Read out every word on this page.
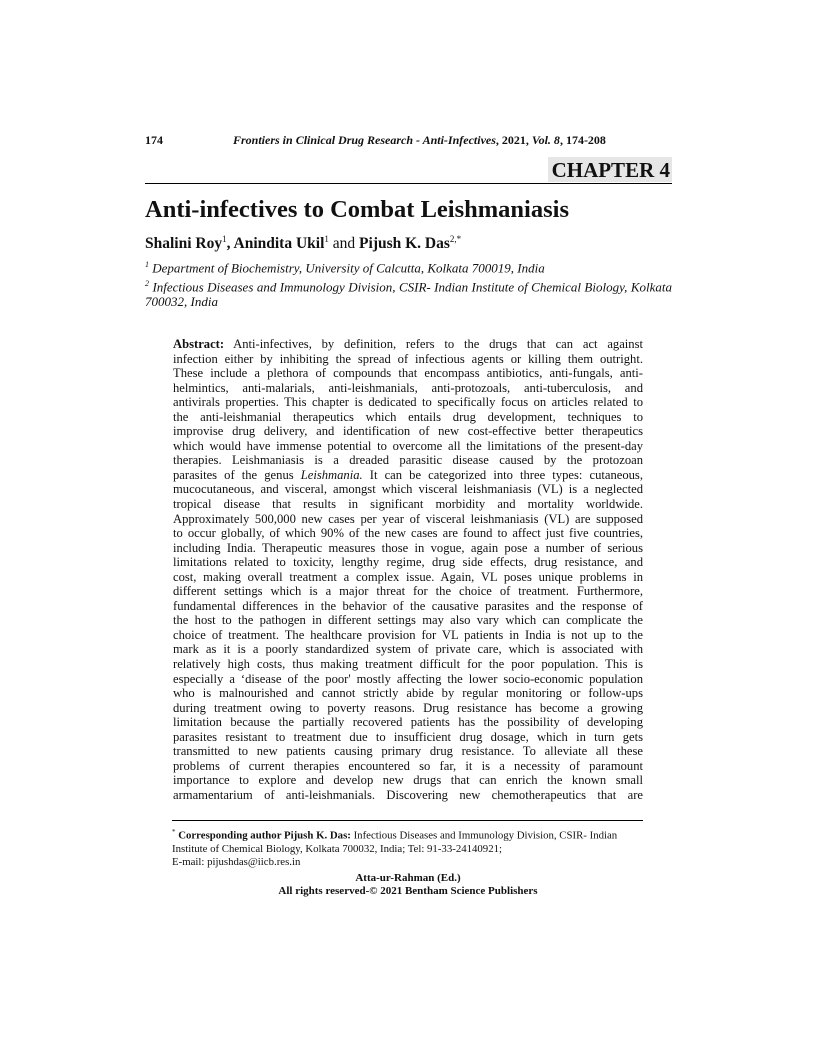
174	Frontiers in Clinical Drug Research - Anti-Infectives, 2021, Vol. 8, 174-208
CHAPTER 4
Anti-infectives to Combat Leishmaniasis
Shalini Roy$^1$, Anindita Ukil$^1$ and Pijush K. Das$^{2,*}$
$^1$ Department of Biochemistry, University of Calcutta, Kolkata 700019, India
$^2$ Infectious Diseases and Immunology Division, CSIR- Indian Institute of Chemical Biology, Kolkata 700032, India
Abstract: Anti-infectives, by definition, refers to the drugs that can act against
infection either by inhibiting the spread of infectious agents or killing them outright.
These include a plethora of compounds that encompass antibiotics, anti-fungals, anti-
helmintics, anti-malarials, anti-leishmanials, anti-protozoals, anti-tuberculosis, and
antivirals properties. This chapter is dedicated to specifically focus on articles related to
the anti-leishmanial therapeutics which entails drug development, techniques to
improvise drug delivery, and identification of new cost-effective better therapeutics
which would have immense potential to overcome all the limitations of the present-day
therapies. Leishmaniasis is a dreaded parasitic disease caused by the protozoan
parasites of the genus Leishmania. It can be categorized into three types: cutaneous,
mucocutaneous, and visceral, amongst which visceral leishmaniasis (VL) is a neglected
tropical disease that results in significant morbidity and mortality worldwide.
Approximately 500,000 new cases per year of visceral leishmaniasis (VL) are supposed
to occur globally, of which 90% of the new cases are found to affect just five countries,
including India. Therapeutic measures those in vogue, again pose a number of serious
limitations related to toxicity, lengthy regime, drug side effects, drug resistance, and
cost, making overall treatment a complex issue. Again, VL poses unique problems in
different settings which is a major threat for the choice of treatment. Furthermore,
fundamental differences in the behavior of the causative parasites and the response of
the host to the pathogen in different settings may also vary which can complicate the
choice of treatment. The healthcare provision for VL patients in India is not up to the
mark as it is a poorly standardized system of private care, which is associated with
relatively high costs, thus making treatment difficult for the poor population. This is
especially a ‘disease of the poor' mostly affecting the lower socio-economic population
who is malnourished and cannot strictly abide by regular monitoring or follow-ups
during treatment owing to poverty reasons. Drug resistance has become a growing
limitation because the partially recovered patients has the possibility of developing
parasites resistant to treatment due to insufficient drug dosage, which in turn gets
transmitted to new patients causing primary drug resistance. To alleviate all these
problems of current therapies encountered so far, it is a necessity of paramount
importance to explore and develop new drugs that can enrich the known small
armamentarium of anti-leishmanials. Discovering new chemotherapeutics that are
* Corresponding author Pijush K. Das: Infectious Diseases and Immunology Division, CSIR- Indian
Institute of Chemical Biology, Kolkata 700032, India; Tel: 91-33-24140921;
E-mail: pijushdas@iicb.res.in
Atta-ur-Rahman (Ed.)
All rights reserved-© 2021 Bentham Science Publishers
